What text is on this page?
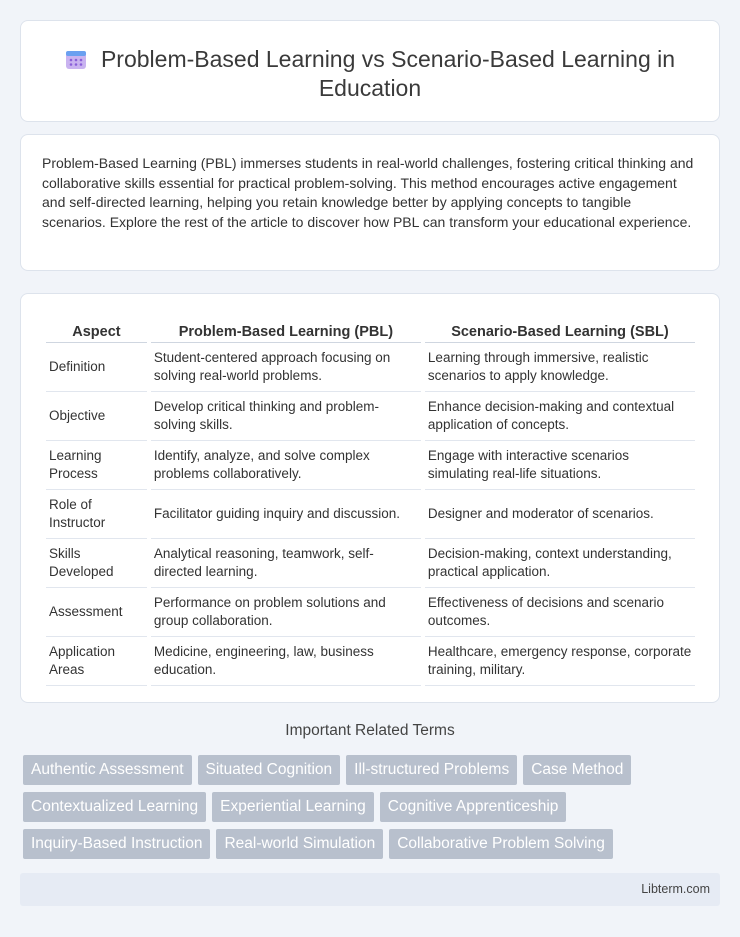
Problem-Based Learning vs Scenario-Based Learning in Education

Problem-Based Learning (PBL) immerses students in real-world challenges, fostering critical thinking and collaborative skills essential for practical problem-solving. This method encourages active engagement and self-directed learning, helping you retain knowledge better by applying concepts to tangible scenarios. Explore the rest of the article to discover how PBL can transform your educational experience.

Aspect	Problem-Based Learning (PBL)	Scenario-Based Learning (SBL)
Definition	Student-centered approach focusing on solving real-world problems.	Learning through immersive, realistic scenarios to apply knowledge.
Objective	Develop critical thinking and problem-solving skills.	Enhance decision-making and contextual application of concepts.
Learning Process	Identify, analyze, and solve complex problems collaboratively.	Engage with interactive scenarios simulating real-life situations.
Role of Instructor	Facilitator guiding inquiry and discussion.	Designer and moderator of scenarios.
Skills Developed	Analytical reasoning, teamwork, self-directed learning.	Decision-making, context understanding, practical application.
Assessment	Performance on problem solutions and group collaboration.	Effectiveness of decisions and scenario outcomes.
Application Areas	Medicine, engineering, law, business education.	Healthcare, emergency response, corporate training, military.
Important Related Terms
Authentic Assessment	Situated Cognition	Ill-structured Problems	Case Method
Contextualized Learning	Experiential Learning	Cognitive Apprenticeship
Inquiry-Based Instruction	Real-world Simulation	Collaborative Problem Solving
Libterm.com
